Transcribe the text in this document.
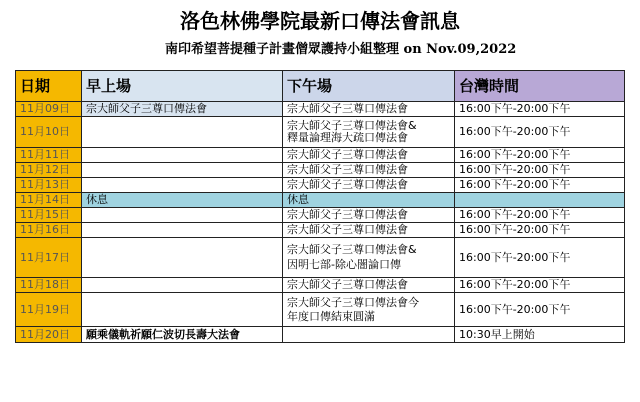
洛色林佛學院最新口傳法會訊息
南印希望菩提種子計畫僧眾護持小組整理 on Nov.09,2022
日期	早上場	下午場	台灣時間
11月09日	宗大師父子三尊口傳法會	宗大師父子三尊口傳法會	16:00下午-20:00下午
11月10日		宗大師父子三尊口傳法會&
釋量論理海大疏口傳法會	16:00下午-20:00下午
11月11日		宗大師父子三尊口傳法會	16:00下午-20:00下午
11月12日		宗大師父子三尊口傳法會	16:00下午-20:00下午
11月13日		宗大師父子三尊口傳法會	16:00下午-20:00下午
11月14日	休息	休息	

11月15日		宗大師父子三尊口傳法會	16:00下午-20:00下午
11月16日		宗大師父子三尊口傳法會	16:00下午-20:00下午
11月17日		宗大師父子三尊口傳法會&
因明七部-除心闇論口傳	16:00下午-20:00下午
11月18日		宗大師父子三尊口傳法會	16:00下午-20:00下午
11月19日		宗大師父子三尊口傳法會今
年度口傳結束圓滿	16:00下午-20:00下午
11月20日	願乘儀軌祈願仁波切長壽大法會		10:30早上開始
